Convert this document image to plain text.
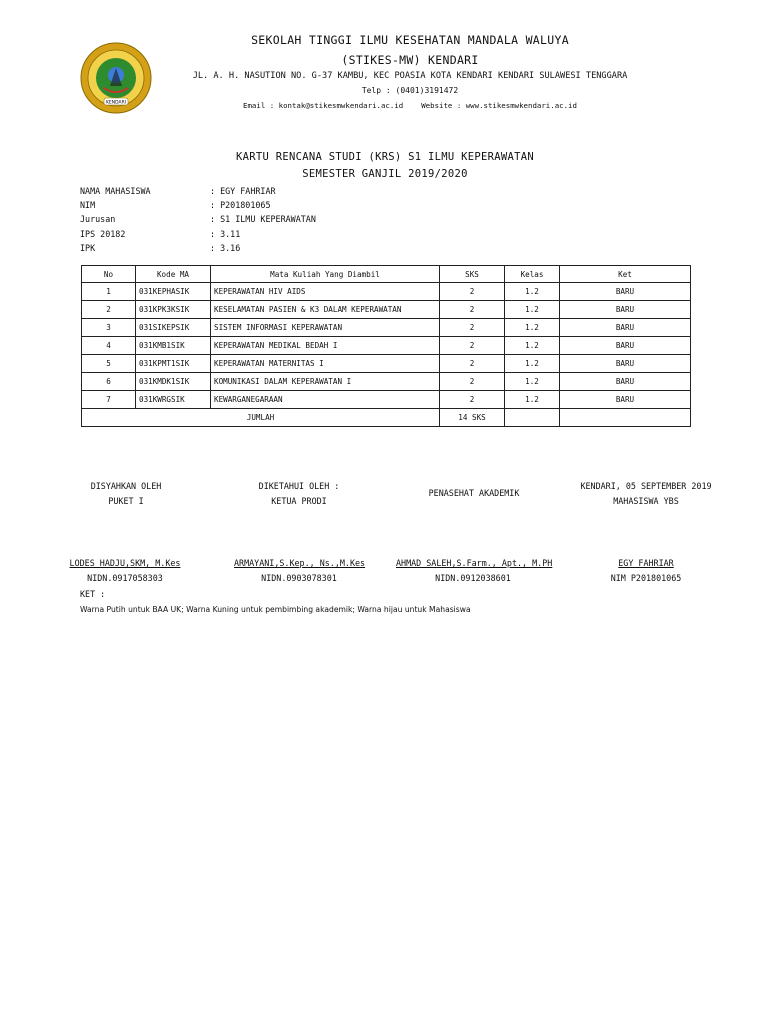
KENDARI
SEKOLAH TINGGI ILMU KESEHATAN MANDALA WALUYA
(STIKES-MW) KENDARI
JL. A. H. NASUTION NO. G-37 KAMBU, KEC POASIA KOTA KENDARI KENDARI SULAWESI TENGGARA
Telp : (0401)3191472
Email : kontak@stikesmwkendari.ac.id Website : www.stikesmwkendari.ac.id
KARTU RENCANA STUDI (KRS) S1 ILMU KEPERAWATAN
SEMESTER GANJIL 2019/2020
NAMA MAHASISWA	: EGY FAHRIAR
NIM	: P201801065
Jurusan	: S1 ILMU KEPERAWATAN
IPS 20182	: 3.11
IPK	: 3.16
No	Kode MA	Mata Kuliah Yang Diambil	SKS	Kelas	Ket
1	031KEPHASIK	KEPERAWATAN HIV AIDS	2	1.2	BARU
2	031KPK3KSIK	KESELAMATAN PASIEN & K3 DALAM KEPERAWATAN	2	1.2	BARU
3	031SIKEPSIK	SISTEM INFORMASI KEPERAWATAN	2	1.2	BARU
4	031KMB1SIK	KEPERAWATAN MEDIKAL BEDAH I	2	1.2	BARU
5	031KPMT1SIK	KEPERAWATAN MATERNITAS I	2	1.2	BARU
6	031KMDK1SIK	KOMUNIKASI DALAM KEPERAWATAN I	2	1.2	BARU
7	031KWRGSIK	KEWARGANEGARAAN	2	1.2	BARU
JUMLAH			14 SKS		
DISYAHKAN OLEH
PUKET I
DIKETAHUI OLEH :
KETUA PRODI
PENASEHAT AKADEMIK
KENDARI, 05 SEPTEMBER 2019
MAHASISWA YBS
LODES HADJU,SKM, M.Kes
NIDN.0917058303
ARMAYANI,S.Kep., Ns.,M.Kes
NIDN.0903078301
AHMAD SALEH,S.Farm., Apt., M.PH
NIDN.0912038601
EGY FAHRIAR
NIM P201801065
KET :
Warna Putih untuk BAA UK; Warna Kuning untuk pembimbing akademik; Warna hijau untuk Mahasiswa
